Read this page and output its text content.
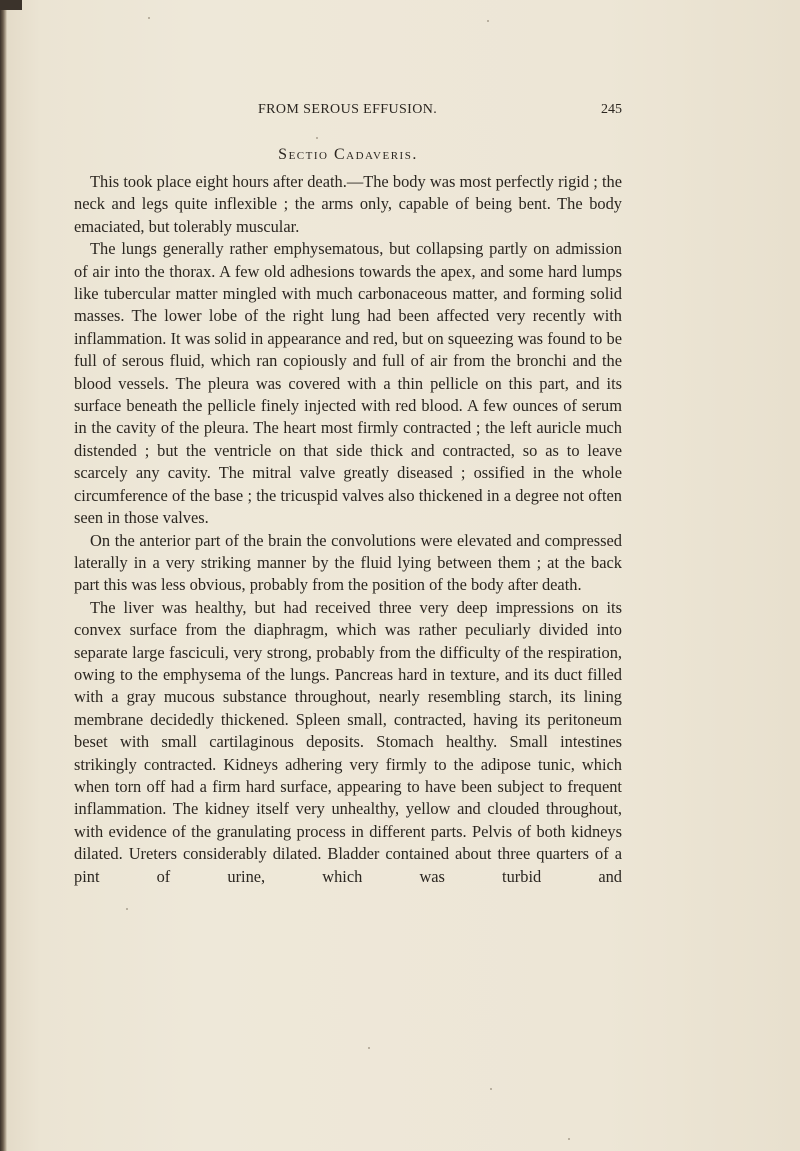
FROM SEROUS EFFUSION.	245
Sectio Cadaveris.

This took place eight hours after death.—The body was most perfectly rigid ; the neck and legs quite inflexible ; the arms only, capable of being bent. The body emaciated, but tolerably muscular.

The lungs generally rather emphysematous, but collapsing partly on admission of air into the thorax. A few old adhesions towards the apex, and some hard lumps like tubercular matter mingled with much carbonaceous matter, and forming solid masses. The lower lobe of the right lung had been affected very recently with inflammation. It was solid in appearance and red, but on squeezing was found to be full of serous fluid, which ran copiously and full of air from the bronchi and the blood vessels. The pleura was covered with a thin pellicle on this part, and its surface beneath the pellicle finely injected with red blood. A few ounces of serum in the cavity of the pleura. The heart most firmly contracted ; the left auricle much distended ; but the ventricle on that side thick and contracted, so as to leave scarcely any cavity. The mitral valve greatly diseased ; ossified in the whole circumference of the base ; the tricuspid valves also thickened in a degree not often seen in those valves.

On the anterior part of the brain the convolutions were elevated and compressed laterally in a very striking manner by the fluid lying between them ; at the back part this was less obvious, probably from the position of the body after death.

The liver was healthy, but had received three very deep impressions on its convex surface from the diaphragm, which was rather peculiarly divided into separate large fasciculi, very strong, probably from the difficulty of the respiration, owing to the emphysema of the lungs. Pancreas hard in texture, and its duct filled with a gray mucous substance throughout, nearly resembling starch, its lining membrane decidedly thickened. Spleen small, contracted, having its peritoneum beset with small cartilaginous deposits. Stomach healthy. Small intestines strikingly contracted. Kidneys adhering very firmly to the adipose tunic, which when torn off had a firm hard surface, appearing to have been subject to frequent inflammation. The kidney itself very unhealthy, yellow and clouded throughout, with evidence of the granulating process in different parts. Pelvis of both kidneys dilated. Ureters considerably dilated. Bladder contained about three quarters of a pint of urine, which was turbid and
